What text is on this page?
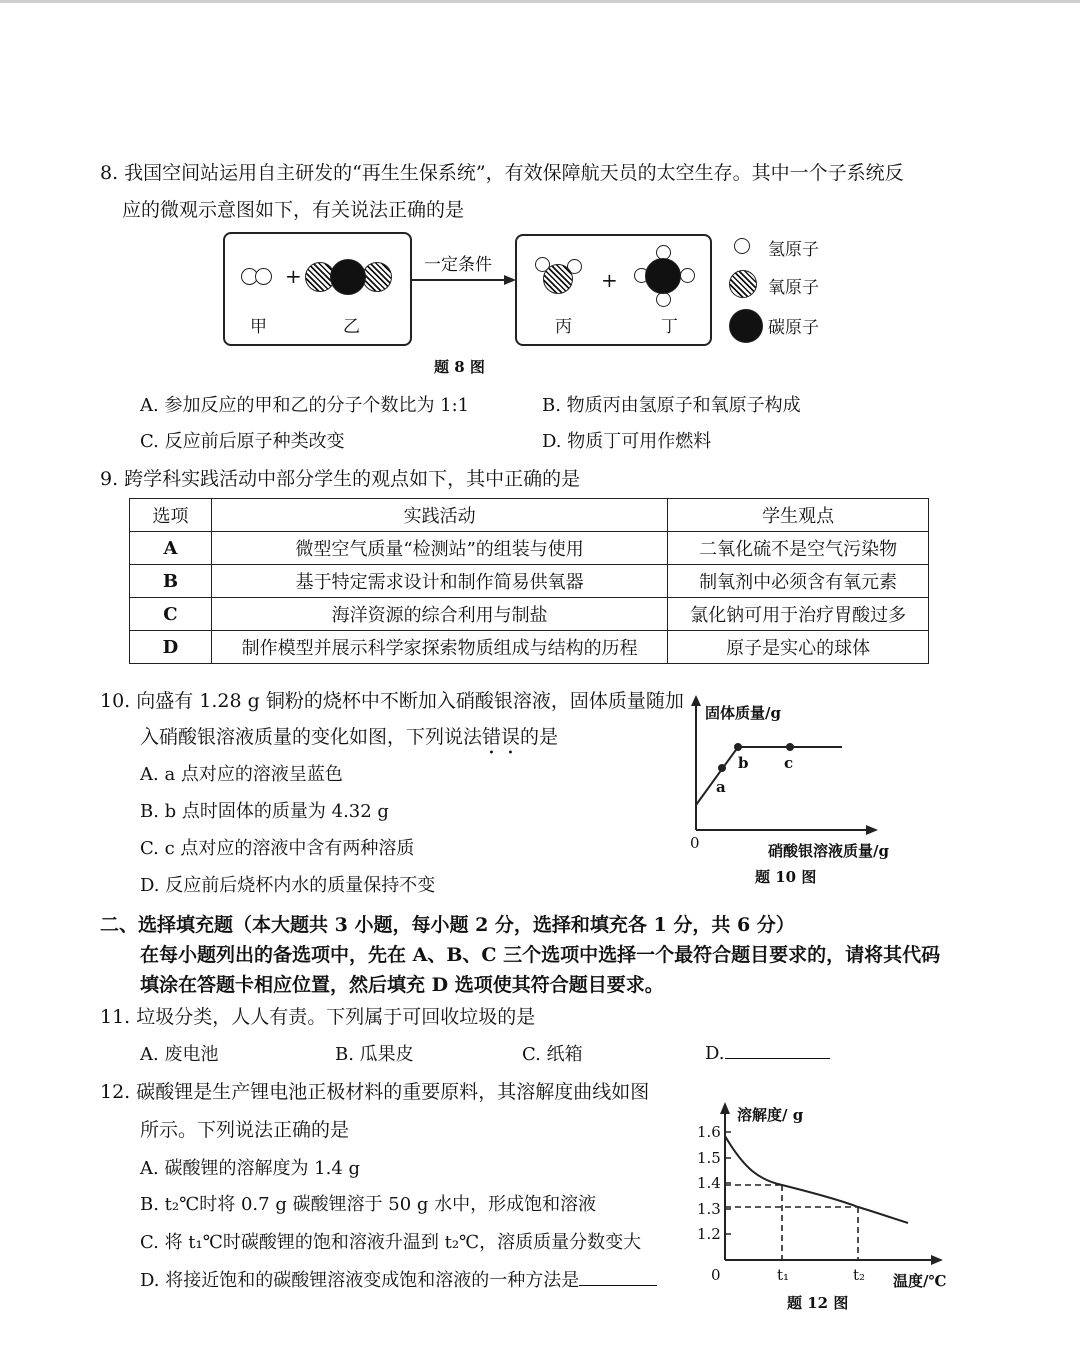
8. 我国空间站运用自主研发的“再生生保系统”，有效保障航天员的太空生存。其中一个子系统反
应的微观示意图如下，有关说法正确的是
+
甲	乙
一定条件
+
丙	丁
氢原子
氧原子
碳原子
题 8 图
A. 参加反应的甲和乙的分子个数比为 1:1	B. 物质丙由氢原子和氧原子构成
C. 反应前后原子种类改变	D. 物质丁可用作燃料
9. 跨学科实践活动中部分学生的观点如下，其中正确的是
选项	实践活动	学生观点
A	微型空气质量“检测站”的组装与使用	二氧化硫不是空气污染物
B	基于特定需求设计和制作简易供氧器	制氧剂中必须含有氧元素
C	海洋资源的综合利用与制盐	氯化钠可用于治疗胃酸过多
D	制作模型并展示科学家探索物质组成与结构的历程	原子是实心的球体
10. 向盛有 1.28 g 铜粉的烧杯中不断加入硝酸银溶液，固体质量随加
入硝酸银溶液质量的变化如图，下列说法错误的是
A. a 点对应的溶液呈蓝色
B. b 点时固体的质量为 4.32 g
C. c 点对应的溶液中含有两种溶质
D. 反应前后烧杯内水的质量保持不变
固体质量/g
a
b c
0	硝酸银溶液质量/g
题 10 图
二、选择填充题（本大题共 3 小题，每小题 2 分，选择和填充各 1 分，共 6 分）
在每小题列出的备选项中，先在 A、B、C 三个选项中选择一个最符合题目要求的，请将其代码
填涂在答题卡相应位置，然后填充 D 选项使其符合题目要求。
11. 垃圾分类，人人有责。下列属于可回收垃圾的是
A. 废电池	B. 瓜果皮	C. 纸箱	D.
12. 碳酸锂是生产锂电池正极材料的重要原料，其溶解度曲线如图
所示。下列说法正确的是
A. 碳酸锂的溶解度为 1.4 g
B. t₂℃时将 0.7 g 碳酸锂溶于 50 g 水中，形成饱和溶液
C. 将 t₁℃时碳酸锂的饱和溶液升温到 t₂℃，溶质质量分数变大
D. 将接近饱和的碳酸锂溶液变成饱和溶液的一种方法是
溶解度/ g
1.6
1.5
1.4
1.3
1.2
0	t₁	t₂ 温度/℃
题 12 图
